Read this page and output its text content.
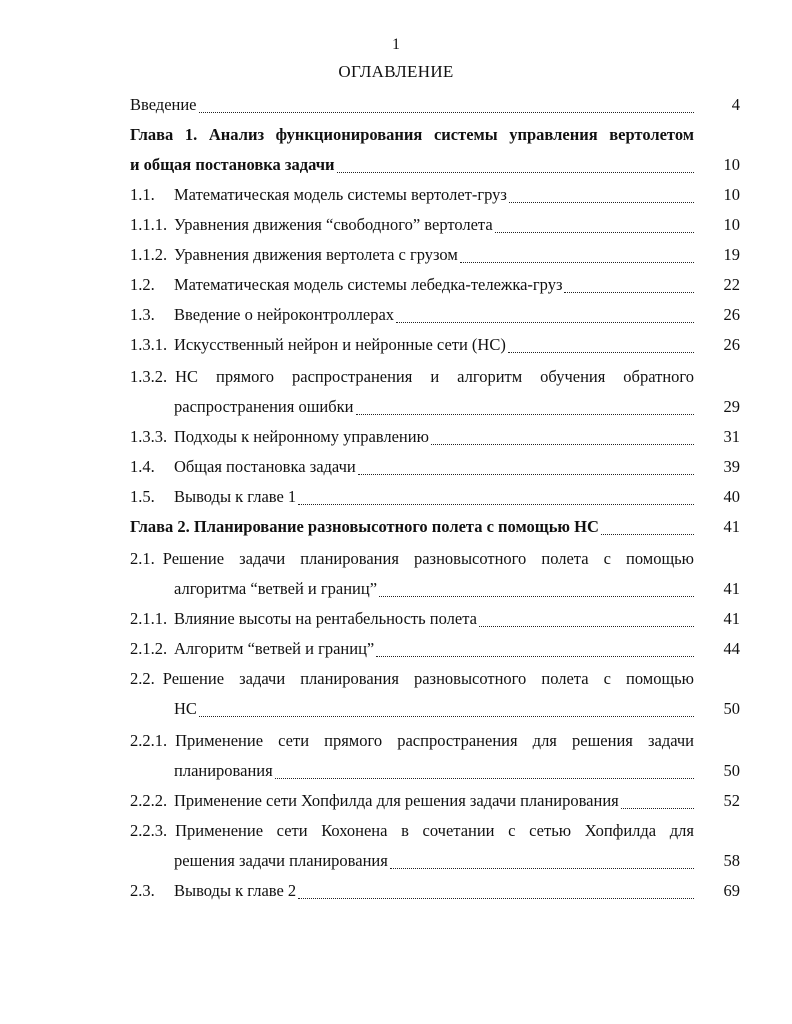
1
ОГЛАВЛЕНИЕ
Введение	4
Глава 1. Анализ функционирования системы управления вертолетом
и общая постановка задачи	10
1.1.	Математическая модель системы вертолет-груз	10
1.1.1. Уравнения движения “свободного” вертолета	10
1.1.2. Уравнения движения вертолета с грузом	19
1.2.	Математическая модель системы лебедка-тележка-груз	22
1.3.	Введение о нейроконтроллерах	26
1.3.1. Искусственный нейрон и нейронные сети (НС)	26
1.3.2. НС прямого распространения и алгоритм обучения обратного
распространения ошибки	29
1.3.3. Подходы к нейронному управлению	31
1.4.	Общая постановка задачи	39
1.5.	Выводы к главе 1	40
Глава 2. Планирование разновысотного полета с помощью НС	41
2.1. Решение задачи планирования разновысотного полета с помощью
алгоритма “ветвей и границ”	41
2.1.1. Влияние высоты на рентабельность полета	41
2.1.2. Алгоритм “ветвей и границ”	44
2.2. Решение задачи планирования разновысотного полета с помощью
НС	50
2.2.1. Применение сети прямого распространения для решения задачи
планирования	50
2.2.2. Применение сети Хопфилда для решения задачи планирования	52
2.2.3. Применение сети Кохонена в сочетании с сетью Хопфилда для
решения задачи планирования	58
2.3.	Выводы к главе 2	69
